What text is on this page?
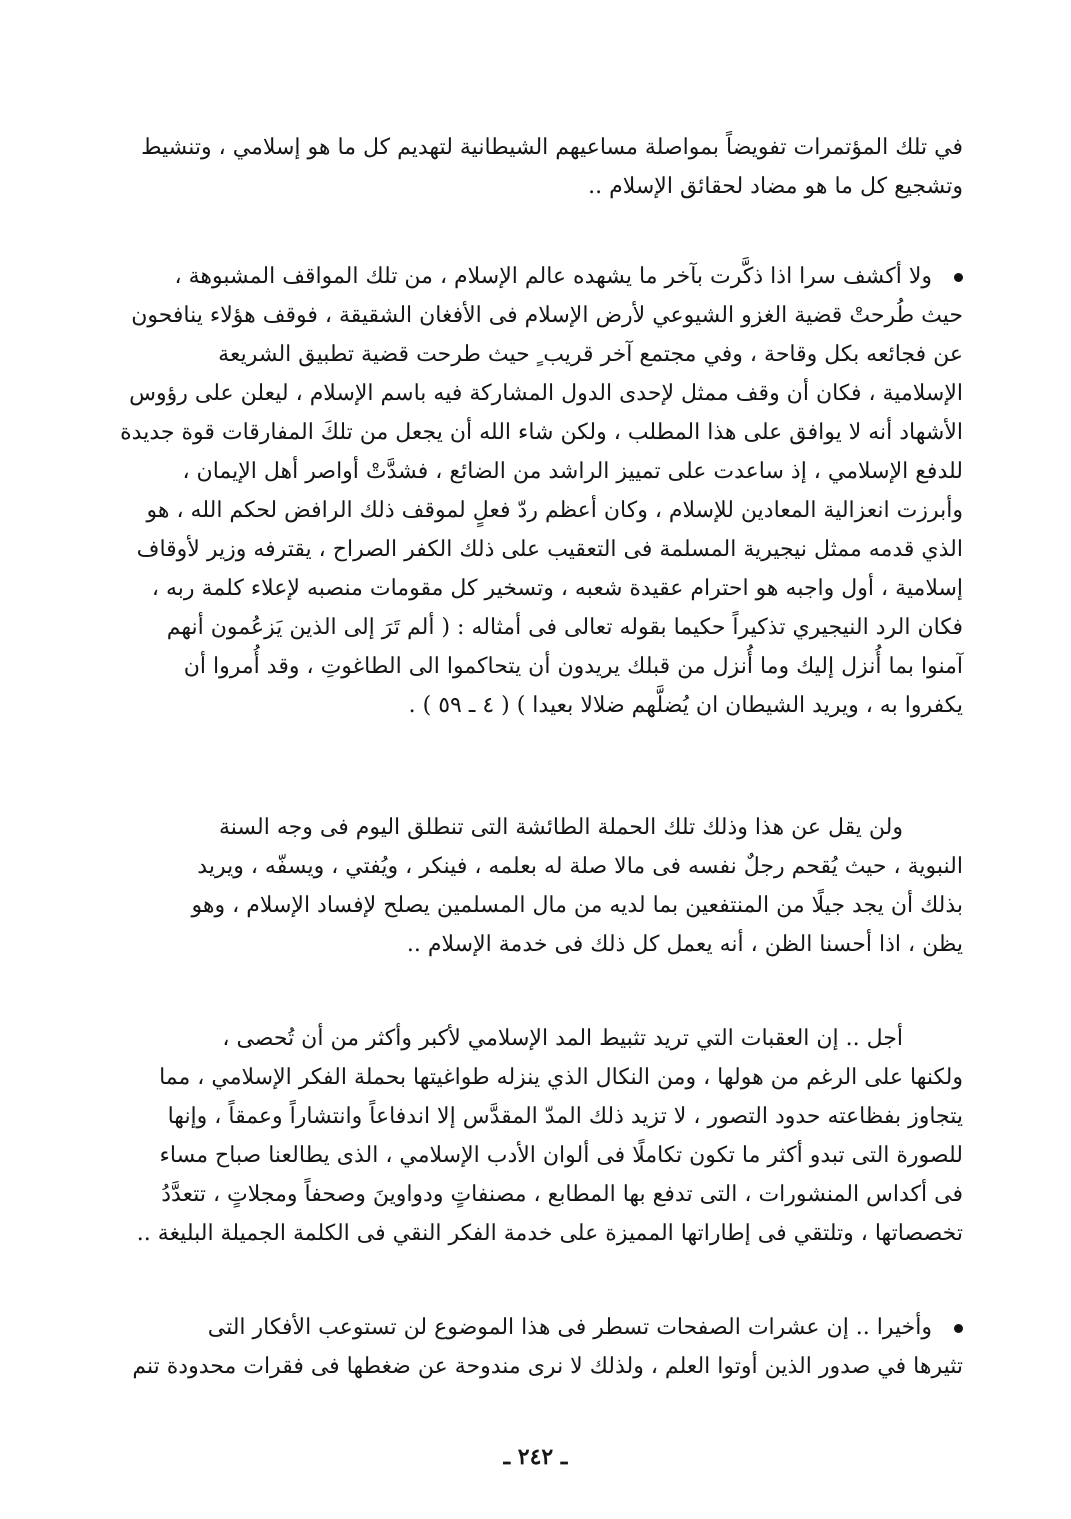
في تلك المؤتمرات تفويضاً بمواصلة مساعيهم الشيطانية لتهديم كل ما هو إسلامي ، وتنشيط
وتشجيع كل ما هو مضاد لحقائق الإسلام ..
ولا أكشف سرا اذا ذكَّرت بآخر ما يشهده عالم الإسلام ، من تلك المواقف المشبوهة ،
حيث طُرحتْ قضية الغزو الشيوعي لأرض الإسلام فى الأفغان الشقيقة ، فوقف هؤلاء ينافحون
عن فجائعه بكل وقاحة ، وفي مجتمع آخر قريب ٍ حيث طرحت قضية تطبيق الشريعة
الإسلامية ، فكان أن وقف ممثل لإحدى الدول المشاركة فيه باسم الإسلام ، ليعلن على رؤوس
الأشهاد أنه لا يوافق على هذا المطلب ، ولكن شاء الله أن يجعل من تلكَ المفارقات قوة جديدة
للدفع الإسلامي ، إذ ساعدت على تمييز الراشد من الضائع ، فشدَّتْ أواصر أهل الإيمان ،
وأبرزت انعزالية المعادين للإسلام ، وكان أعظم ردّ فعلٍ لموقف ذلك الرافض لحكم الله ، هو
الذي قدمه ممثل نيجيرية المسلمة فى التعقيب على ذلك الكفر الصراح ، يقترفه وزير لأوقاف
إسلامية ، أول واجبه هو احترام عقيدة شعبه ، وتسخير كل مقومات منصبه لإعلاء كلمة ربه ،
فكان الرد النيجيري تذكيراً حكيما بقوله تعالى فى أمثاله : ( ألم تَرَ إلى الذين يَزعُمون أنهم
آمنوا بما أُنزل إليك وما أُنزل من قبلك يريدون أن يتحاكموا الى الطاغوتِ ، وقد أُمروا أن
يكفروا به ، ويريد الشيطان ان يُضلَّهم ضلالا بعيدا ) ( ٤ ـ ٥٩ ) .
ولن يقل عن هذا وذلك تلك الحملة الطائشة التى تنطلق اليوم فى وجه السنة
النبوية ، حيث يُقحم رجلٌ نفسه فى مالا صلة له بعلمه ، فينكر ، ويُفتي ، ويسفّه ، ويريد
بذلك أن يجد جيلًا من المنتفعين بما لديه من مال المسلمين يصلح لإفساد الإسلام ، وهو
يظن ، اذا أحسنا الظن ، أنه يعمل كل ذلك فى خدمة الإسلام ..
أجل .. إن العقبات التي تريد تثبيط المد الإسلامي لأكبر وأكثر من أن تُحصى ،
ولكنها على الرغم من هولها ، ومن النكال الذي ينزله طواغيتها بحملة الفكر الإسلامي ، مما
يتجاوز بفظاعته حدود التصور ، لا تزيد ذلك المدّ المقدَّس إلا اندفاعاً وانتشاراً وعمقاً ، وإنها
للصورة التى تبدو أكثر ما تكون تكاملًا فى ألوان الأدب الإسلامي ، الذى يطالعنا صباح مساء
فى أكداس المنشورات ، التى تدفع بها المطابع ، مصنفاتٍ ودواوينَ وصحفاً ومجلاتٍ ، تتعدَّدُ
تخصصاتها ، وتلتقي فى إطاراتها المميزة على خدمة الفكر النقي فى الكلمة الجميلة البليغة ..
وأخيرا .. إن عشرات الصفحات تسطر فى هذا الموضوع لن تستوعب الأفكار التى
تثيرها في صدور الذين أوتوا العلم ، ولذلك لا نرى مندوحة عن ضغطها فى فقرات محدودة تنم
ـ ٢٤٢ ـ
